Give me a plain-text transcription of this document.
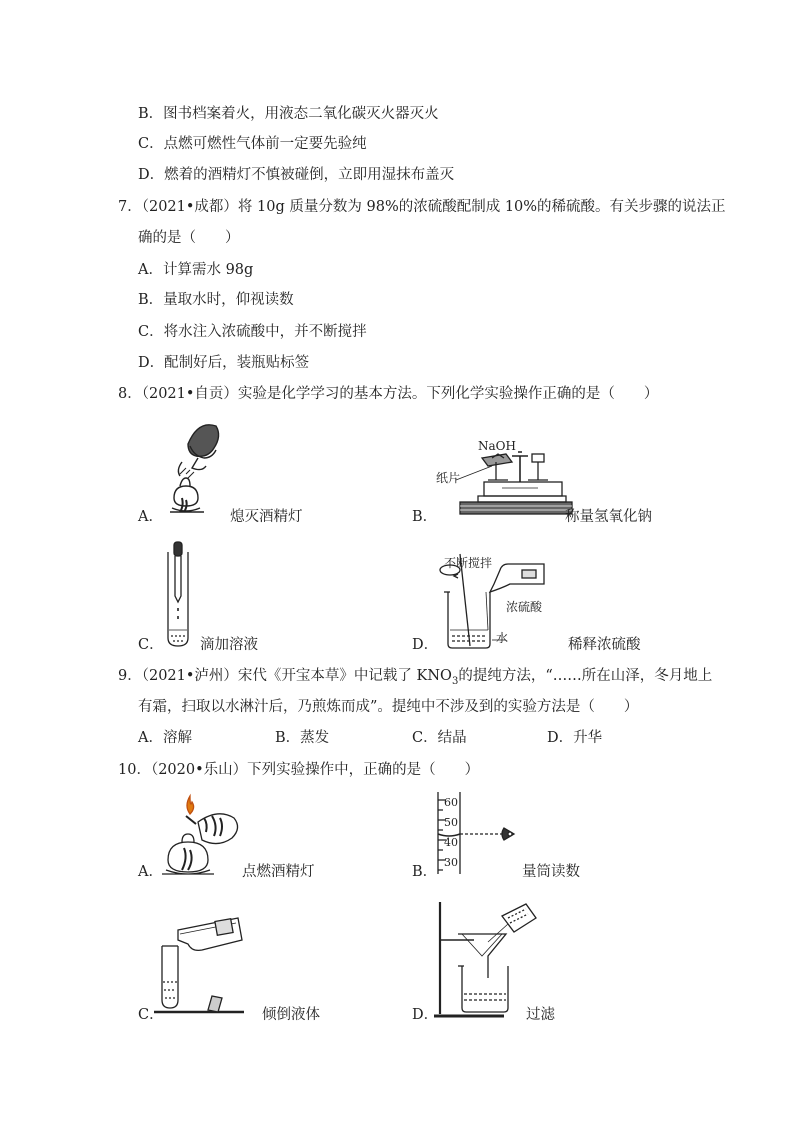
B．图书档案着火，用液态二氧化碳灭火器灭火
C．点燃可燃性气体前一定要先验纯
D．燃着的酒精灯不慎被碰倒，立即用湿抹布盖灭
7．（2021•成都）将 10g 质量分数为 98%的浓硫酸配制成 10%的稀硫酸。有关步骤的说法正
确的是（　　）
A．计算需水 98g
B．量取水时，仰视读数
C．将水注入浓硫酸中，并不断搅拌
D．配制好后，装瓶贴标签
8．（2021•自贡）实验是化学学习的基本方法。下列化学实验操作正确的是（　　）
A．	熄灭酒精灯	B．
NaOH
纸片
称量氢氧化钠
C．	滴加溶液	D．
不断搅拌
浓硫酸
水	稀释浓硫酸
9．（2021•泸州）宋代《开宝本草》中记载了 $KNO_3$的提纯方法，“……所在山泽，冬月地上
有霜，扫取以水淋汁后，乃煎炼而成”。提纯中不涉及到的实验方法是（　　）
A．溶解	B．蒸发	C．结晶	D．升华
10．（2020•乐山）下列实验操作中，正确的是（　　）
A．	点燃酒精灯	B．
60
50
40
30
量筒读数
C．	倾倒液体	D．	过滤
